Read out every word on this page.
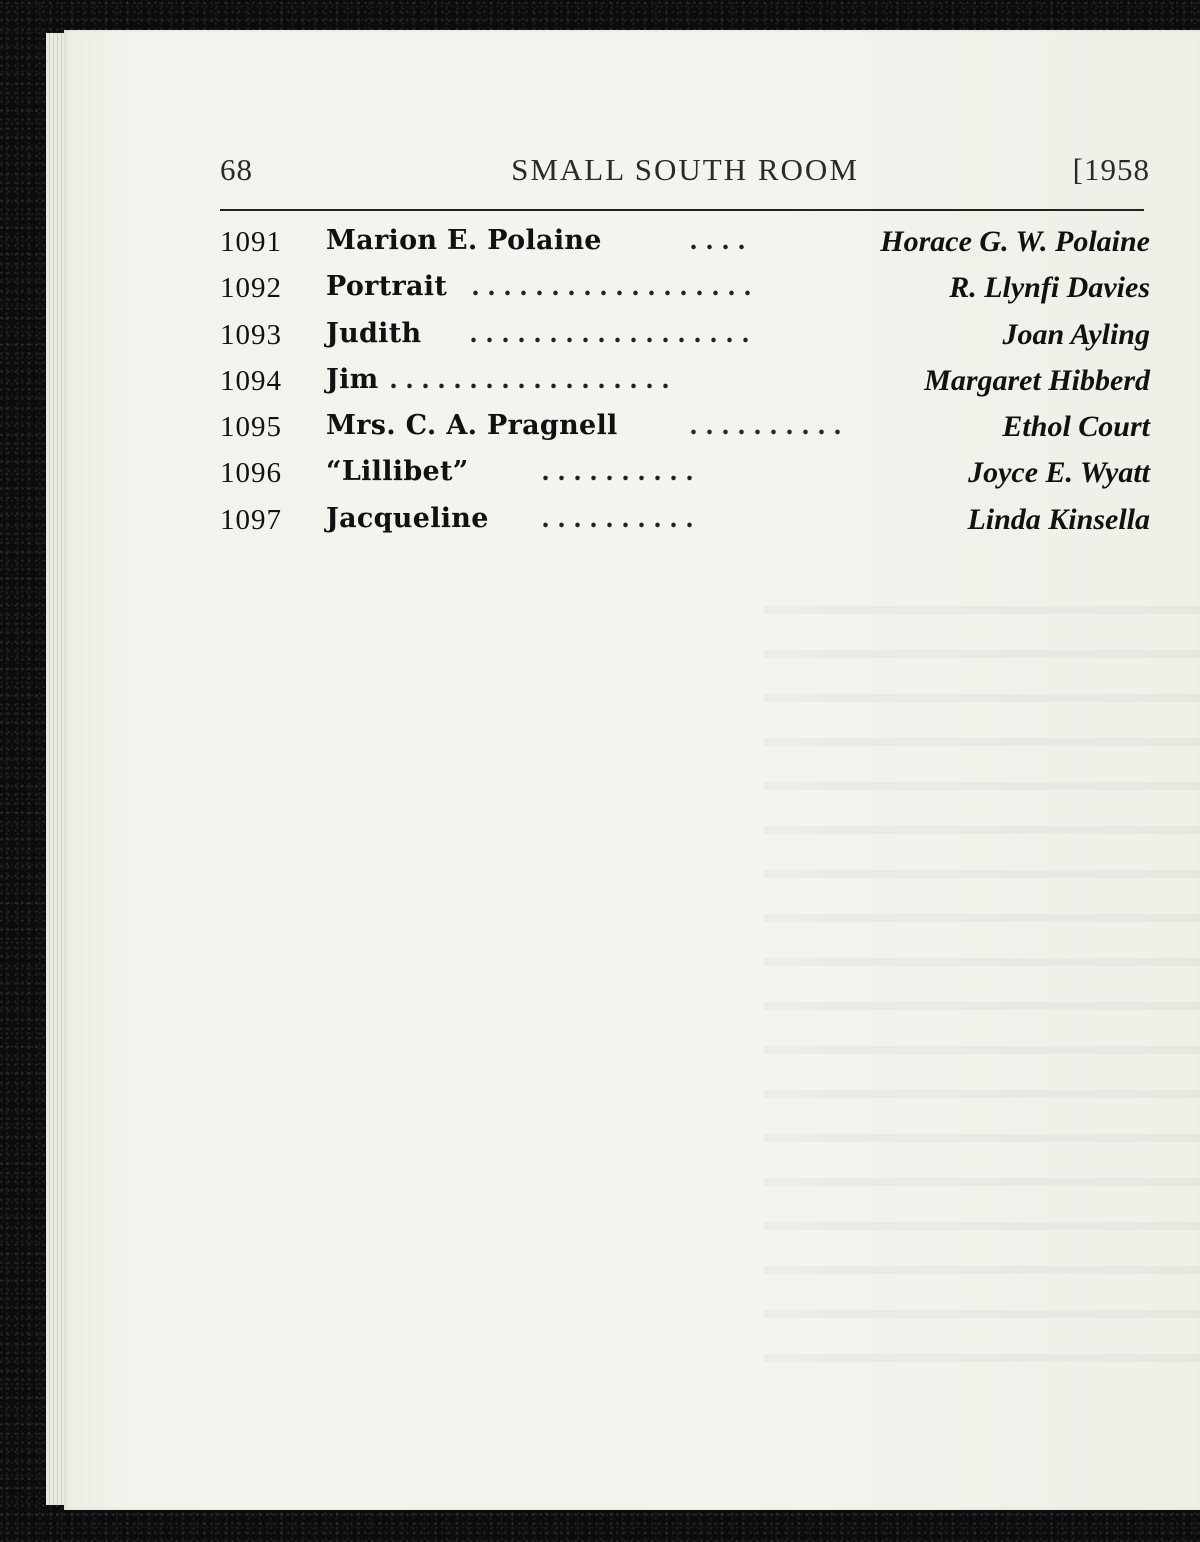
68	SMALL SOUTH ROOM	[1958
1091 Marion E. Polaine	. . . .	Horace G. W. Polaine
1092 Portrait . . . . . . . . . . . . . . . . . .	R. Llynfi Davies
1093 Judith . . . . . . . . . . . . . . . . . .	Joan Ayling
1094 Jim . . . . . . . . . . . . . . . . . .	Margaret Hibberd
1095 Mrs. C. A. Pragnell	. . . . . . . . . .	Ethol Court
1096 “Lillibet”	. . . . . . . . . .	Joyce E. Wyatt
1097 Jacqueline . . . . . . . . . .	Linda Kinsella
